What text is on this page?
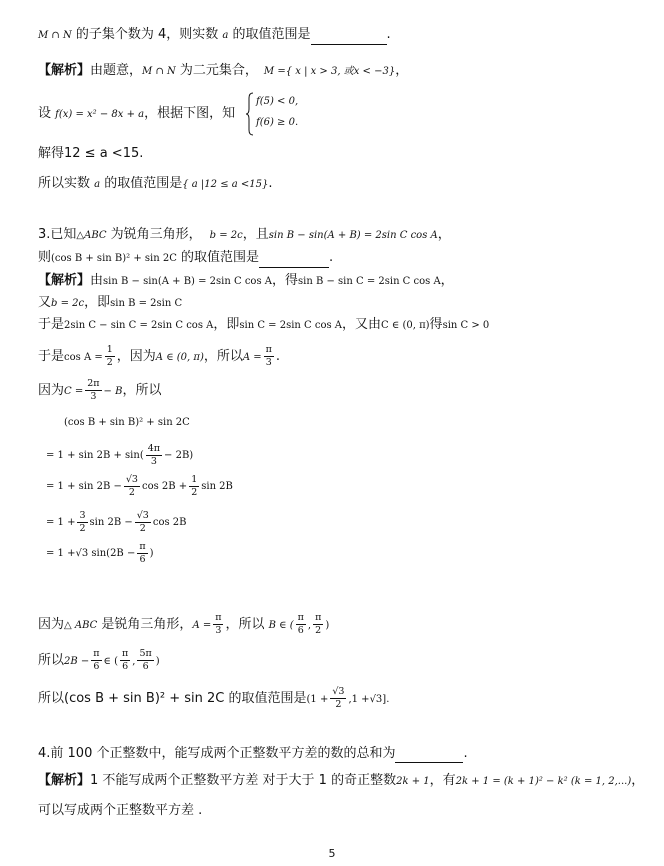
M ∩ N 的子集个数为 4，则实数 a 的取值范围是	.
【解析】由题意，M ∩ N 为二元集合， M ={ x | x > 3, 或x < −3}，
设 f(x) = x² − 8x + a，根据下图，知
f(5) < 0,
f(6) ≥ 0.
解得12 ≤ a <15.
所以实数 a 的取值范围是{ a |12 ≤ a <15}.
3.已知△ABC 为锐角三角形， b = 2c，且sin B − sin(A + B) = 2sin C cos A，
则(cos B + sin B)² + sin 2C 的取值范围是	.
【解析】由sin B − sin(A + B) = 2sin C cos A，得sin B − sin C = 2sin C cos A，
又b = 2c，即sin B = 2sin C
于是2sin C − sin C = 2sin C cos A，即sin C = 2sin C cos A，又由C ∈ (0, π)得sin C > 0
于是$\cos A = \frac{1}{2}$ ，因为A ∈ (0, π)，所以$A = \frac{\pi}{3}$ .
因为$C = \frac{2\pi}{3} - B$，所以
(cos B + sin B)² + sin 2C
= $1 + \sin 2B + \sin( \frac{4\pi}{3} - 2B)$
= $1 + \sin 2B - \frac{√3}{2}$ $\cos 2B + \frac{1}{2}$ sin 2B
= $1 + \frac{3}{2}$ $\sin 2B - \frac{√3}{2}$ cos 2B
= 1 +√3 $\sin(2B - \frac{\pi}{6}$ )
因为△ ABC 是锐角三角形，$A = \frac{\pi}{3}$ ，所以 B ∈ ( $\frac{\pi}{6}$ , $\frac{\pi}{2}$ )
所以$2B - \frac{\pi}{6}$ ∈ ( $\frac{\pi}{6}$ , $\frac{5\pi}{6}$ )
所以(cos B + sin B)² + sin 2C 的取值范围是$(1 + \frac{√3}{2} ,1 +√3]$.
4.前 100 个正整数中，能写成两个正整数平方差的数的总和为	.
【解析】1 不能写成两个正整数平方差 对于大于 1 的奇正整数2k + 1，有2k + 1 = (k + 1)² − k² (k = 1, 2,...)，
可以写成两个正整数平方差 .
5
